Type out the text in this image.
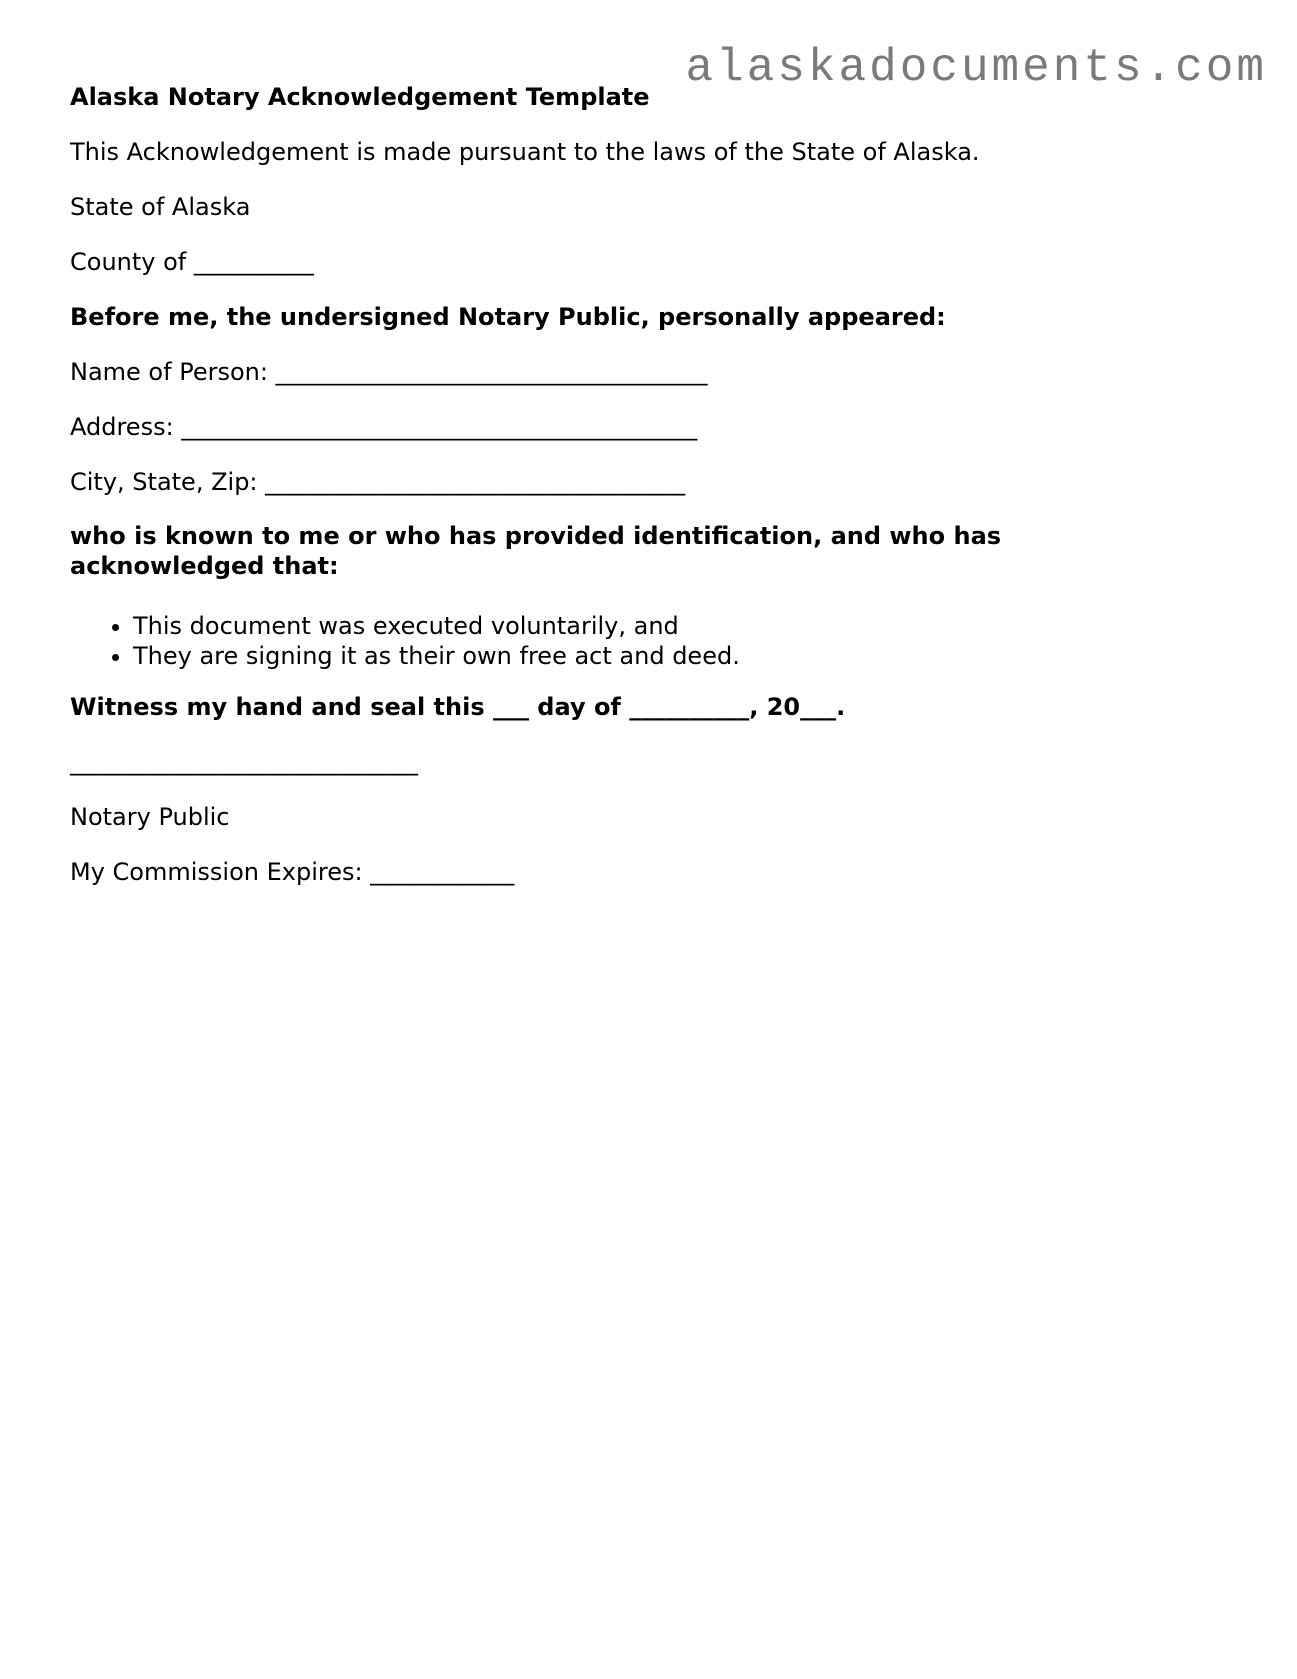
alaskadocuments.com
Alaska Notary Acknowledgement Template
This Acknowledgement is made pursuant to the laws of the State of Alaska.
State of Alaska
County of __________
Before me, the undersigned Notary Public, personally appeared:
Name of Person: ____________________________________
Address: ___________________________________________
City, State, Zip: ___________________________________
who is known to me or who has provided identification, and who has acknowledged that:
• This document was executed voluntarily, and
• They are signing it as their own free act and deed.
Witness my hand and seal this ___ day of __________, 20___.
_____________________________
Notary Public
My Commission Expires: ____________
